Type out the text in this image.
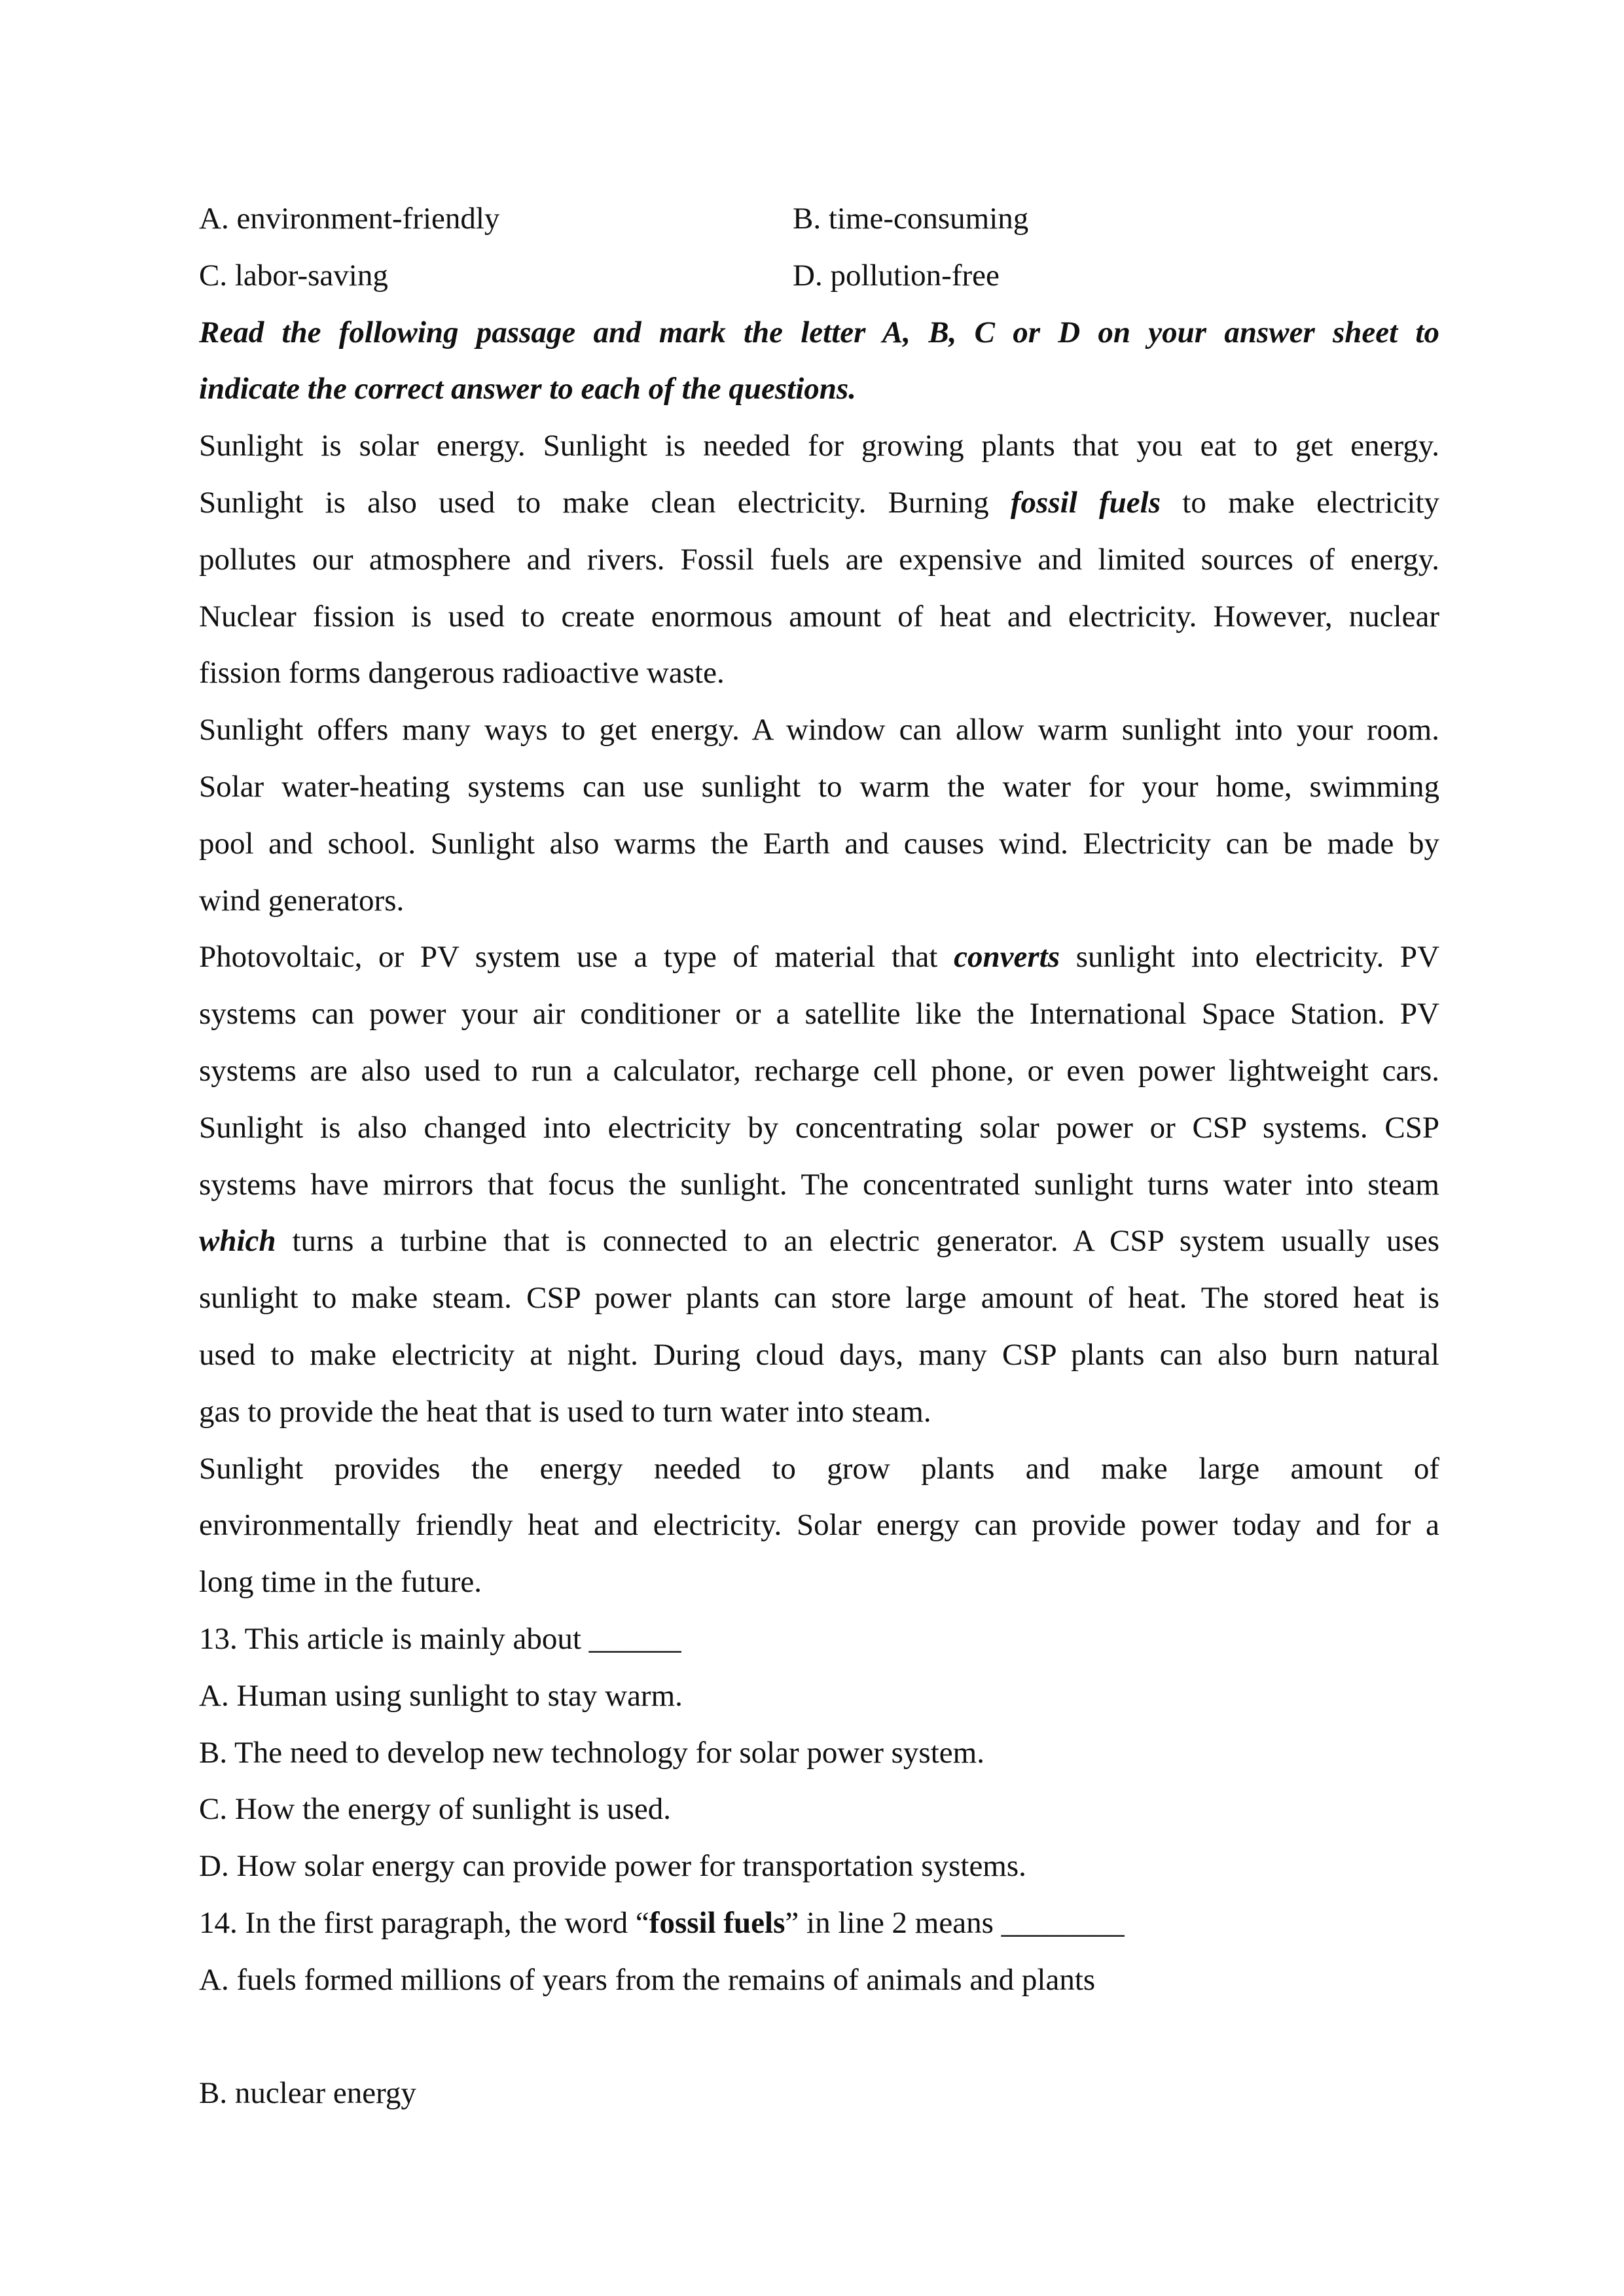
A. environment-friendly	B. time-consuming
C. labor-saving	D. pollution-free
Read the following passage and mark the letter A, B, C or D on your answer sheet to
indicate the correct answer to each of the questions.
Sunlight is solar energy. Sunlight is needed for growing plants that you eat to get energy.
Sunlight is also used to make clean electricity. Burning fossil fuels to make electricity
pollutes our atmosphere and rivers. Fossil fuels are expensive and limited sources of energy.
Nuclear fission is used to create enormous amount of heat and electricity. However, nuclear
fission forms dangerous radioactive waste.
Sunlight offers many ways to get energy. A window can allow warm sunlight into your room.
Solar water-heating systems can use sunlight to warm the water for your home, swimming
pool and school. Sunlight also warms the Earth and causes wind. Electricity can be made by
wind generators.
Photovoltaic, or PV system use a type of material that converts sunlight into electricity. PV
systems can power your air conditioner or a satellite like the International Space Station. PV
systems are also used to run a calculator, recharge cell phone, or even power lightweight cars.
Sunlight is also changed into electricity by concentrating solar power or CSP systems. CSP
systems have mirrors that focus the sunlight. The concentrated sunlight turns water into steam
which turns a turbine that is connected to an electric generator. A CSP system usually uses
sunlight to make steam. CSP power plants can store large amount of heat. The stored heat is
used to make electricity at night. During cloud days, many CSP plants can also burn natural
gas to provide the heat that is used to turn water into steam.
Sunlight provides the energy needed to grow plants and make large amount of
environmentally friendly heat and electricity. Solar energy can provide power today and for a
long time in the future.
13. This article is mainly about ______
A. Human using sunlight to stay warm.
B. The need to develop new technology for solar power system.
C. How the energy of sunlight is used.
D. How solar energy can provide power for transportation systems.
14. In the first paragraph, the word “fossil fuels” in line 2 means ________
A. fuels formed millions of years from the remains of animals and plants
B. nuclear energy
